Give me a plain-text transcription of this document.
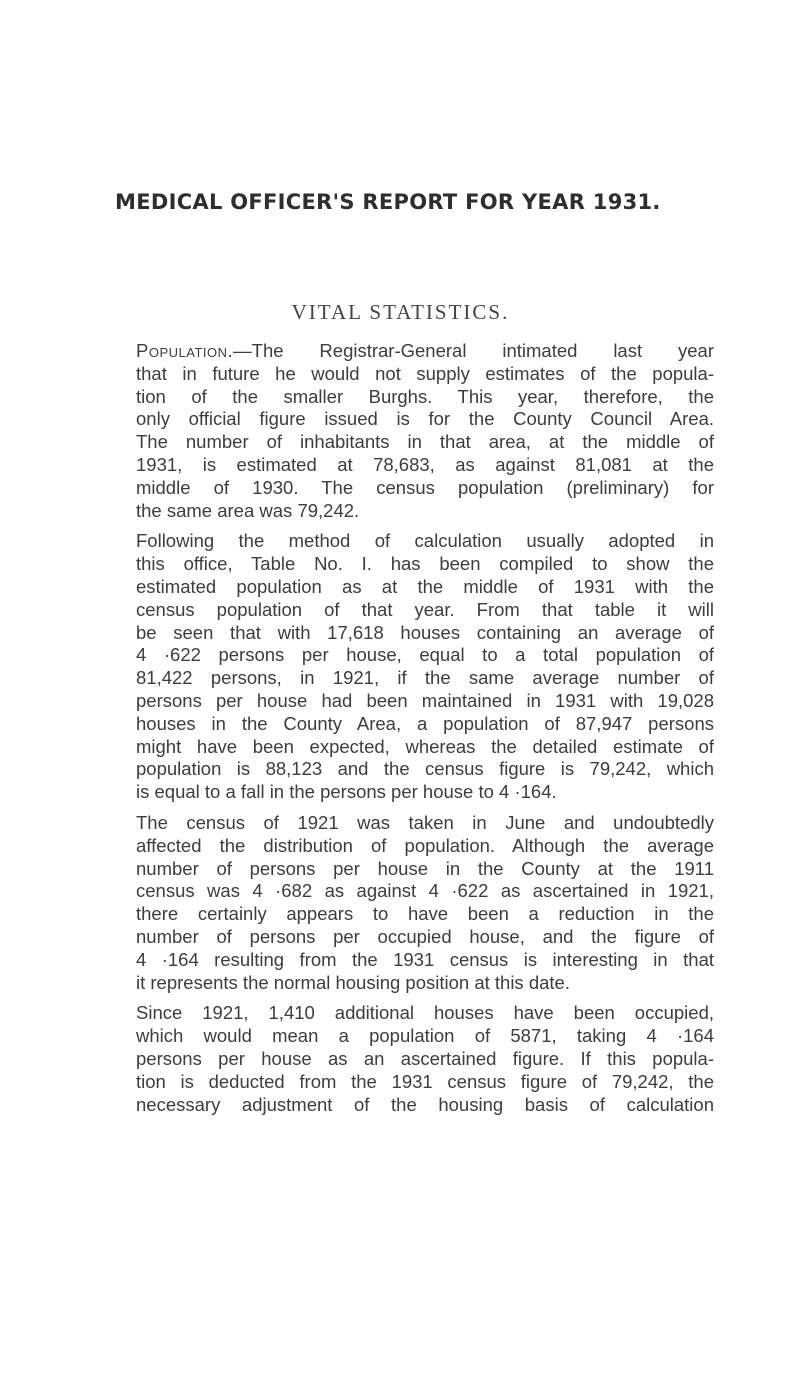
MEDICAL OFFICER'S REPORT FOR YEAR 1931.
VITAL STATISTICS.
Population.—The Registrar-General intimated last year
that in future he would not supply estimates of the popula-
tion of the smaller Burghs. This year, therefore, the
only official figure issued is for the County Council Area.
The number of inhabitants in that area, at the middle of
1931, is estimated at 78,683, as against 81,081 at the
middle of 1930. The census population (preliminary) for
the same area was 79,242.
Following the method of calculation usually adopted in
this office, Table No. I. has been compiled to show the
estimated population as at the middle of 1931 with the
census population of that year. From that table it will
be seen that with 17,618 houses containing an average of
4 ·622 persons per house, equal to a total population of
81,422 persons, in 1921, if the same average number of
persons per house had been maintained in 1931 with 19,028
houses in the County Area, a population of 87,947 persons
might have been expected, whereas the detailed estimate of
population is 88,123 and the census figure is 79,242, which
is equal to a fall in the persons per house to 4 ·164.
The census of 1921 was taken in June and undoubtedly
affected the distribution of population. Although the average
number of persons per house in the County at the 1911
census was 4 ·682 as against 4 ·622 as ascertained in 1921,
there certainly appears to have been a reduction in the
number of persons per occupied house, and the figure of
4 ·164 resulting from the 1931 census is interesting in that
it represents the normal housing position at this date.
Since 1921, 1,410 additional houses have been occupied,
which would mean a population of 5871, taking 4 ·164
persons per house as an ascertained figure. If this popula-
tion is deducted from the 1931 census figure of 79,242, the
necessary adjustment of the housing basis of calculation
